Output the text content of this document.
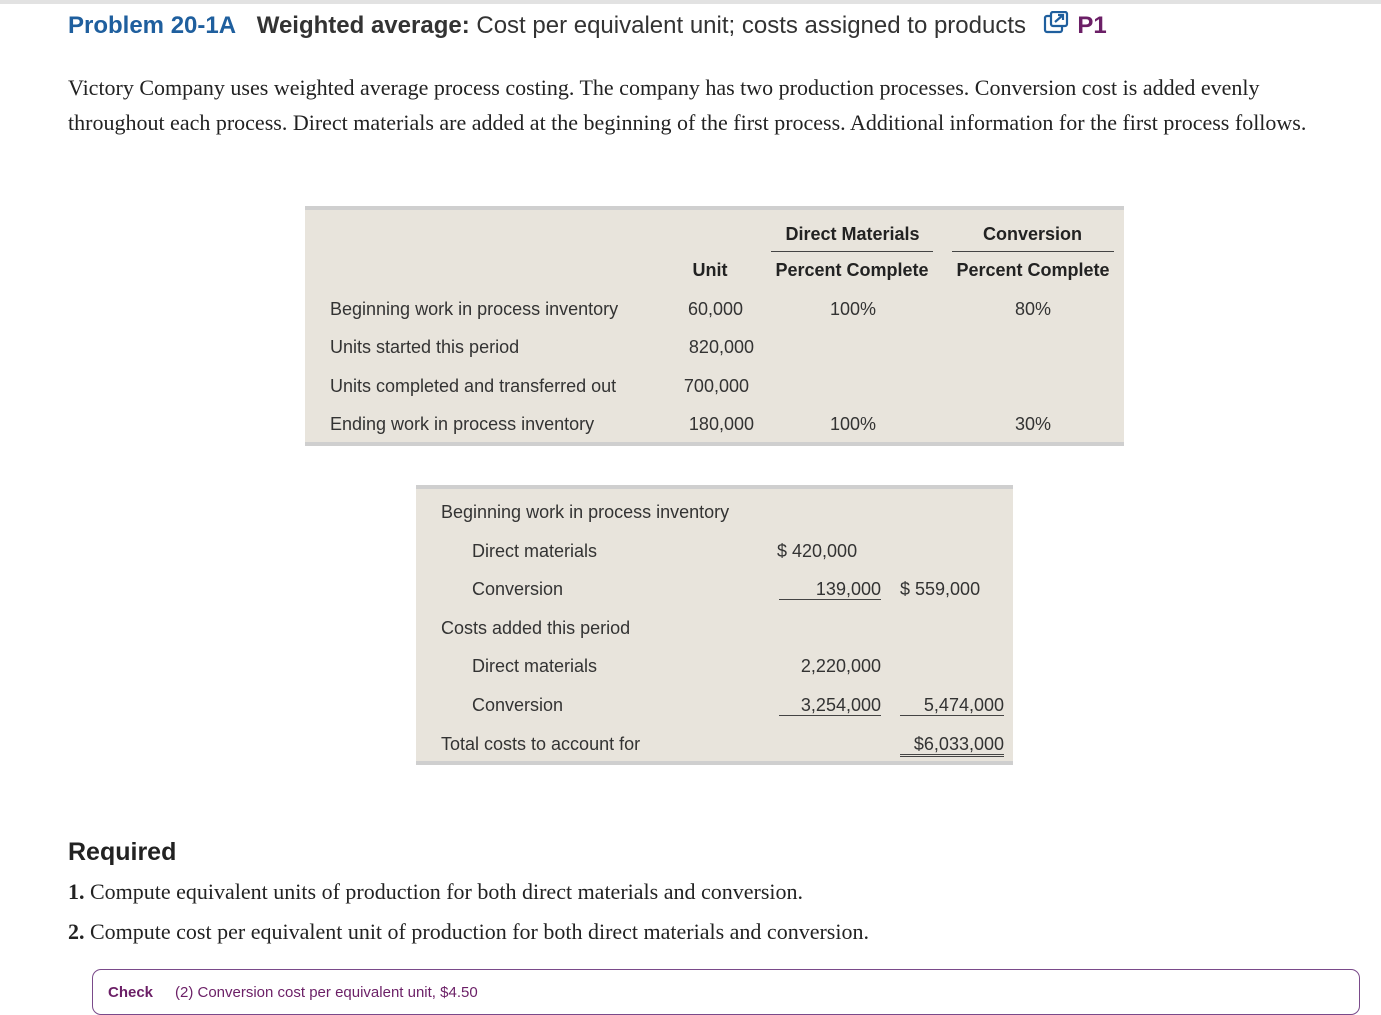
Problem 20-1A Weighted average: Cost per equivalent unit; costs assigned to products P1
Victory Company uses weighted average process costing. The company has two production processes. Conversion cost is added evenly throughout each process. Direct materials are added at the beginning of the first process. Additional information for the first process follows.
Direct Materials	Conversion
Unit	Percent Complete	Percent Complete
Beginning work in process inventory	60,000	100%	80%
Units started this period	820,000
Units completed and transferred out	700,000
Ending work in process inventory	180,000	100%	30%
Beginning work in process inventory
Direct materials	$ 420,000
Conversion	139,000 $ 559,000
Costs added this period
Direct materials	2,220,000
Conversion	3,254,000	5,474,000
Total costs to account for	$6,033,000
Required
1. Compute equivalent units of production for both direct materials and conversion.
2. Compute cost per equivalent unit of production for both direct materials and conversion.
Check (2) Conversion cost per equivalent unit, $4.50
